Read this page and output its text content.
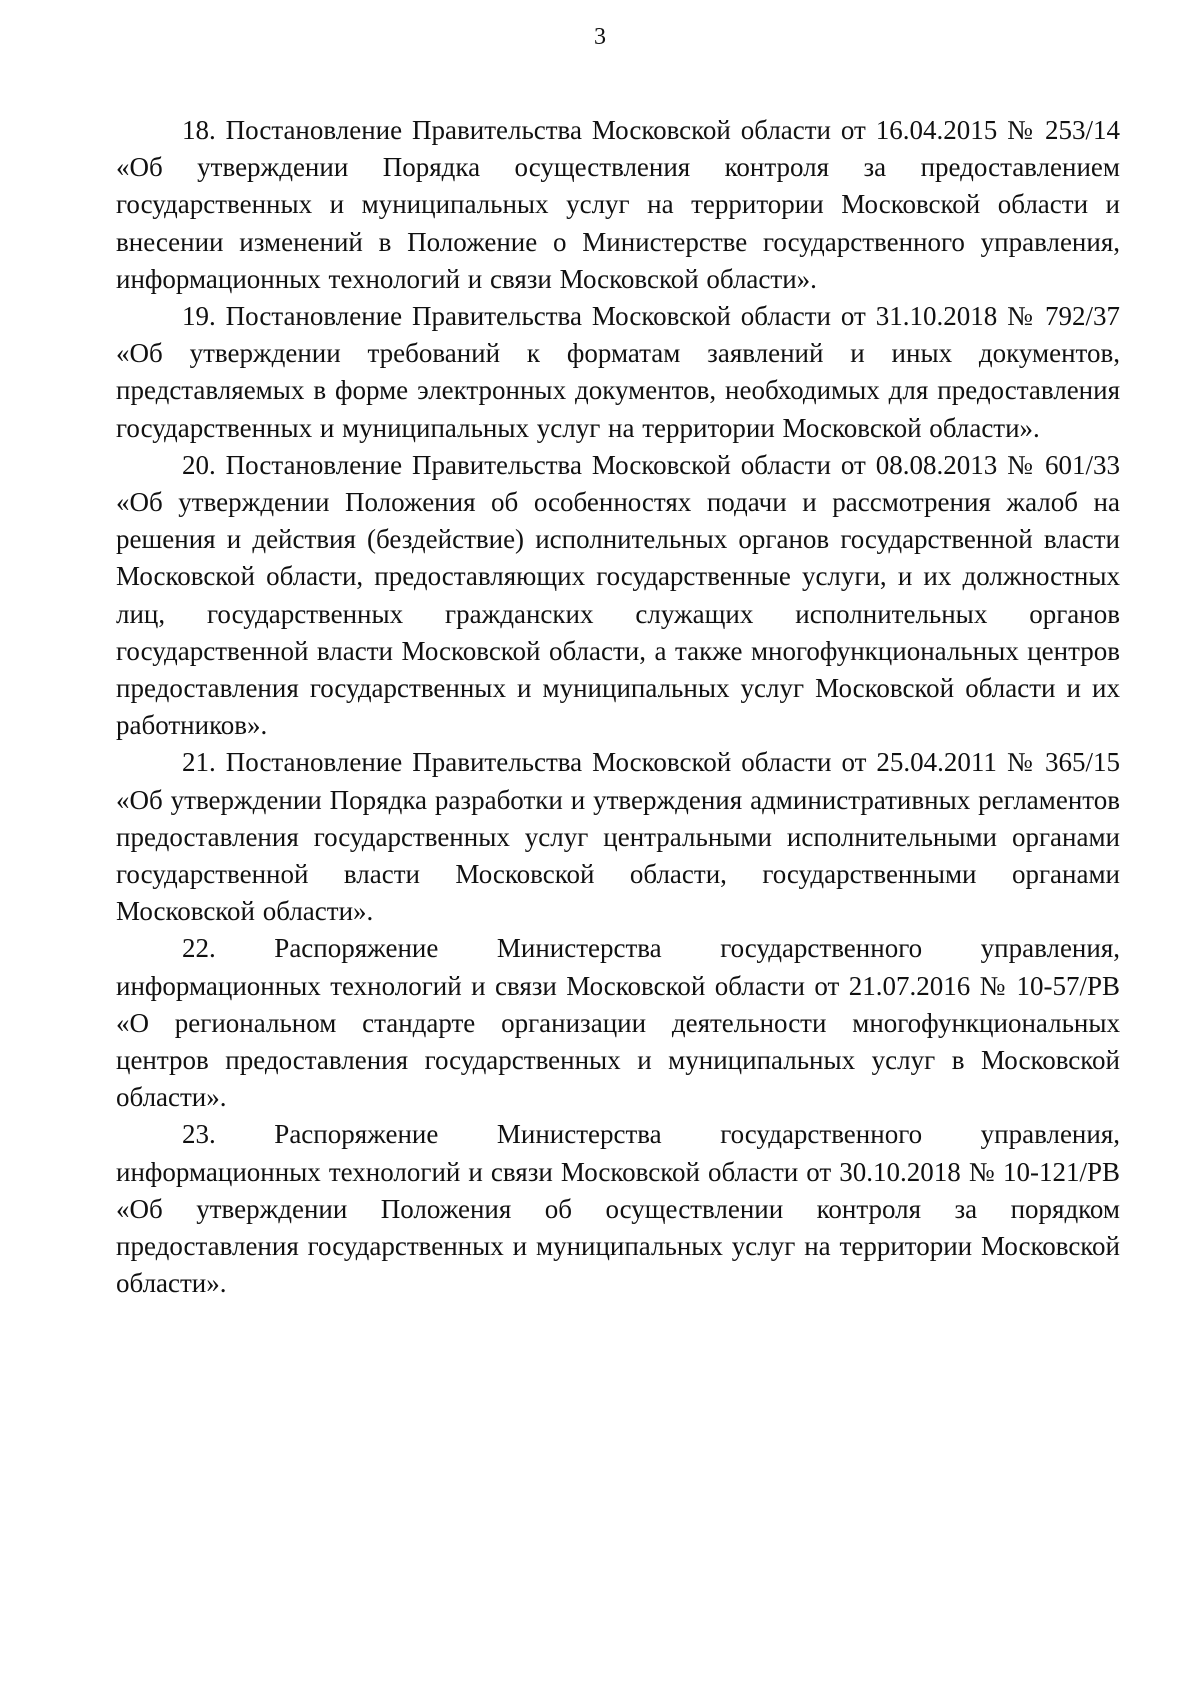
3

18. Постановление Правительства Московской области от 16.04.2015 № 253/14 «Об утверждении Порядка осуществления контроля за предоставлением государственных и муниципальных услуг на территории Московской области и внесении изменений в Положение о Министерстве государственного управления, информационных технологий и связи Московской области».

19. Постановление Правительства Московской области от 31.10.2018 № 792/37 «Об утверждении требований к форматам заявлений и иных документов, представляемых в форме электронных документов, необходимых для предоставления государственных и муниципальных услуг на территории Московской области».

20. Постановление Правительства Московской области от 08.08.2013 № 601/33 «Об утверждении Положения об особенностях подачи и рассмотрения жалоб на решения и действия (бездействие) исполнительных органов государственной власти Московской области, предоставляющих государственные услуги, и их должностных лиц, государственных гражданских служащих исполнительных органов государственной власти Московской области, а также многофункциональных центров предоставления государственных и муниципальных услуг Московской области и их работников».

21. Постановление Правительства Московской области от 25.04.2011 № 365/15 «Об утверждении Порядка разработки и утверждения административных регламентов предоставления государственных услуг центральными исполнительными органами государственной власти Московской области, государственными органами Московской области».

22. Распоряжение Министерства государственного управления, информационных технологий и связи Московской области от 21.07.2016 № 10-57/РВ «О региональном стандарте организации деятельности многофункциональных центров предоставления государственных и муниципальных услуг в Московской области».

23. Распоряжение Министерства государственного управления, информационных технологий и связи Московской области от 30.10.2018 № 10-121/РВ «Об утверждении Положения об осуществлении контроля за порядком предоставления государственных и муниципальных услуг на территории Московской области».
